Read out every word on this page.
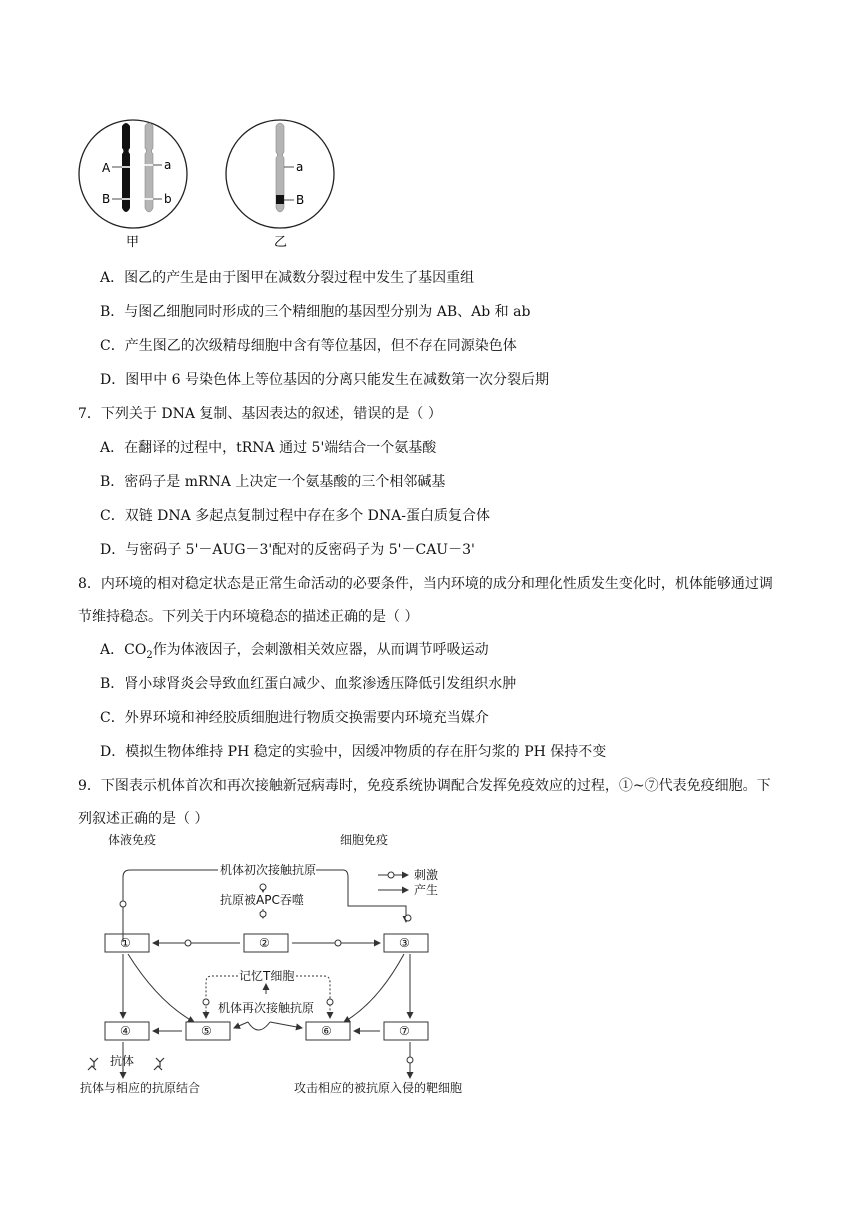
A
B
a
b
甲
a
B
乙
A．图乙的产生是由于图甲在减数分裂过程中发生了基因重组
B．与图乙细胞同时形成的三个精细胞的基因型分别为 AB、Ab 和 ab
C．产生图乙的次级精母细胞中含有等位基因，但不存在同源染色体
D．图甲中 6 号染色体上等位基因的分离只能发生在减数第一次分裂后期
7．下列关于 DNA 复制、基因表达的叙述，错误的是（ ）
A．在翻译的过程中，tRNA 通过 5'端结合一个氨基酸
B．密码子是 mRNA 上决定一个氨基酸的三个相邻碱基
C．双链 DNA 多起点复制过程中存在多个 DNA-蛋白质复合体
D．与密码子 5'－AUG－3'配对的反密码子为 5'－CAU－3'
8．内环境的相对稳定状态是正常生命活动的必要条件，当内环境的成分和理化性质发生变化时，机体能够通过调节维持稳态。下列关于内环境稳态的描述正确的是（ ）
A．$CO_2$作为体液因子，会刺激相关效应器，从而调节呼吸运动
B．肾小球肾炎会导致血红蛋白减少、血浆渗透压降低引发组织水肿
C．外界环境和神经胶质细胞进行物质交换需要内环境充当媒介
D．模拟生物体维持 PH 稳定的实验中，因缓冲物质的存在肝匀浆的 PH 保持不变
9．下图表示机体首次和再次接触新冠病毒时，免疫系统协调配合发挥免疫效应的过程，①~⑦代表免疫细胞。下列叙述正确的是（ ）
体液免疫	细胞免疫
刺激
产生
机体初次接触抗原
抗原被APC吞噬
记忆T细胞
机体再次接触抗原
①	②	③
④	⑤	⑥	⑦
抗体
抗体与相应的抗原结合	攻击相应的被抗原入侵的靶细胞
